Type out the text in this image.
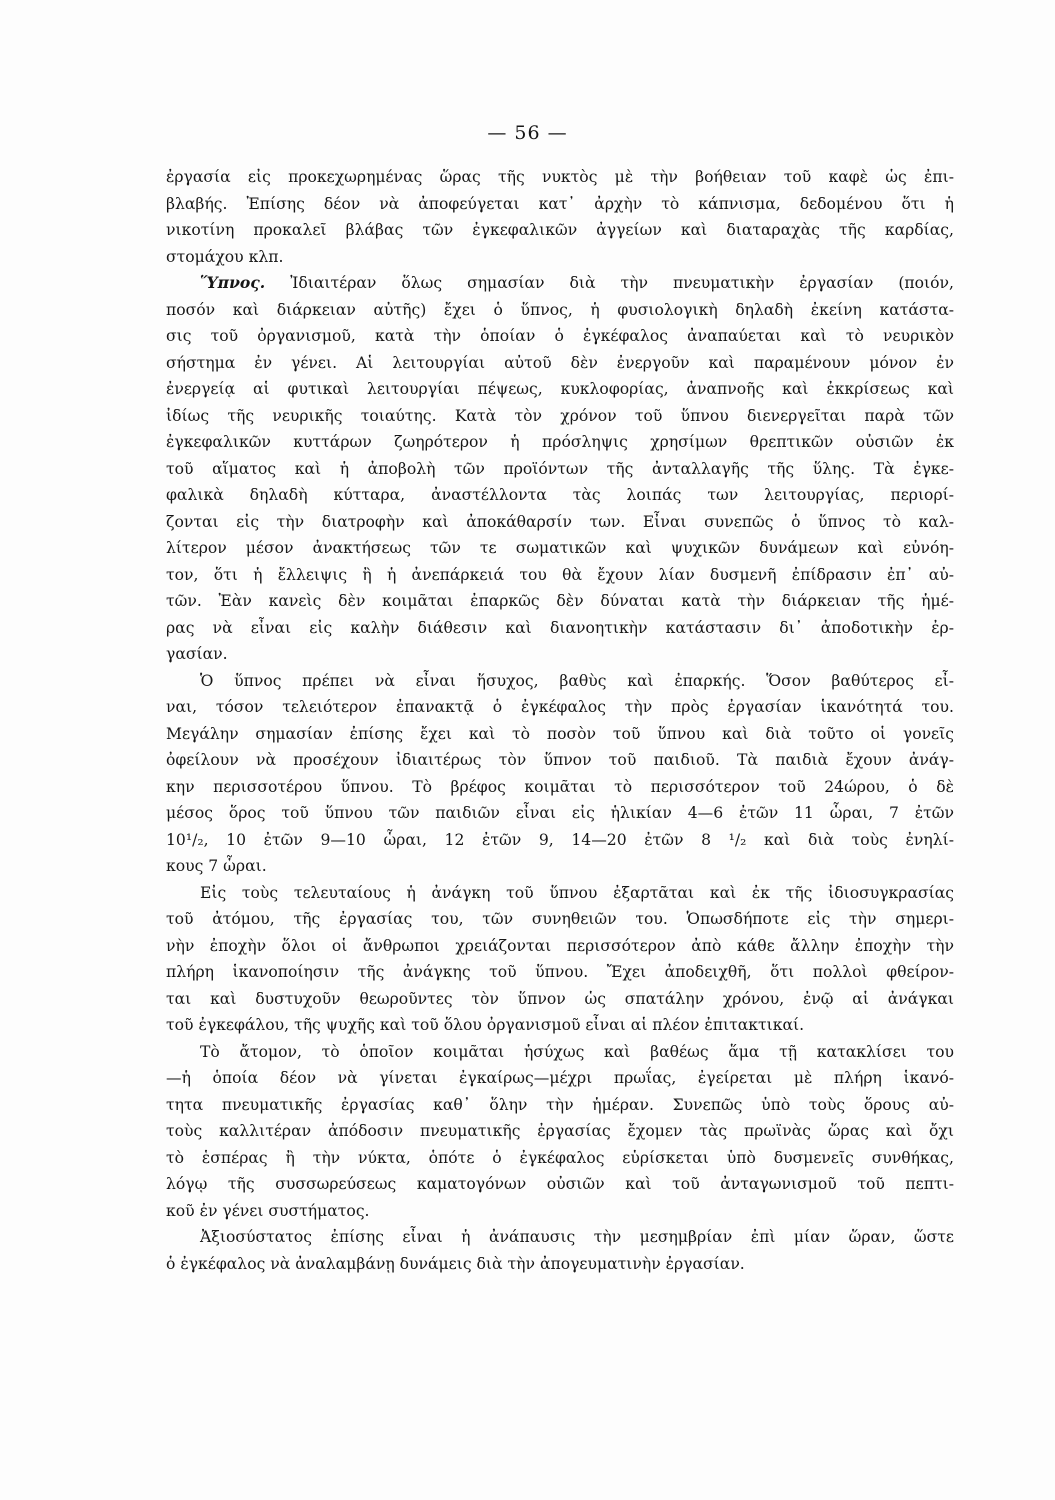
— 56 —
ἐργασία εἰς προκεχωρημένας ὥρας τῆς νυκτὸς μὲ τὴν βοήθειαν τοῦ καφὲ ὡς ἐπι-
βλαβής. Ἐπίσης δέον νὰ ἀποφεύγεται κατ᾽ ἀρχὴν τὸ κάπνισμα, δεδομένου ὅτι ἡ
νικοτίνη προκαλεῖ βλάβας τῶν ἐγκεφαλικῶν ἀγγείων καὶ διαταραχὰς τῆς καρδίας,
στομάχου κλπ.
Ὕπνος. Ἰδιαιτέραν ὅλως σημασίαν διὰ τὴν πνευματικὴν ἐργασίαν (ποιόν,
ποσόν καὶ διάρκειαν αὐτῆς) ἔχει ὁ ὕπνος, ἡ φυσιολογικὴ δηλαδὴ ἐκείνη κατάστα-
σις τοῦ ὀργανισμοῦ, κατὰ τὴν ὁποίαν ὁ ἐγκέφαλος ἀναπαύεται καὶ τὸ νευρικὸν
σήστημα ἐν γένει. Αἱ λειτουργίαι αὐτοῦ δὲν ἐνεργοῦν καὶ παραμένουν μόνον ἐν
ἐνεργείᾳ αἱ φυτικαὶ λειτουργίαι πέψεως, κυκλοφορίας, ἀναπνοῆς καὶ ἐκκρίσεως καὶ
ἰδίως τῆς νευρικῆς τοιαύτης. Κατὰ τὸν χρόνον τοῦ ὕπνου διενεργεῖται παρὰ τῶν
ἐγκεφαλικῶν κυττάρων ζωηρότερον ἡ πρόσληψις χρησίμων θρεπτικῶν οὐσιῶν ἐκ
τοῦ αἵματος καὶ ἡ ἀποβολὴ τῶν προϊόντων τῆς ἀνταλλαγῆς τῆς ὕλης. Τὰ ἐγκε-
φαλικὰ δηλαδὴ κύτταρα, ἀναστέλλοντα τὰς λοιπάς των λειτουργίας, περιορί-
ζονται εἰς τὴν διατροφὴν καὶ ἀποκάθαρσίν των. Εἶναι συνεπῶς ὁ ὕπνος τὸ καλ-
λίτερον μέσον ἀνακτήσεως τῶν τε σωματικῶν καὶ ψυχικῶν δυνάμεων καὶ εὐνόη-
τον, ὅτι ἡ ἔλλειψις ἢ ἡ ἀνεπάρκειά του θὰ ἔχουν λίαν δυσμενῆ ἐπίδρασιν ἐπ᾽ αὐ-
τῶν. Ἐὰν κανεὶς δὲν κοιμᾶται ἐπαρκῶς δὲν δύναται κατὰ τὴν διάρκειαν τῆς ἡμέ-
ρας νὰ εἶναι εἰς καλὴν διάθεσιν καὶ διανοητικὴν κατάστασιν δι᾽ ἀποδοτικὴν ἐρ-
γασίαν.
Ὁ ὕπνος πρέπει νὰ εἶναι ἥσυχος, βαθὺς καὶ ἐπαρκής. Ὅσον βαθύτερος εἶ-
ναι, τόσον τελειότερον ἐπανακτᾷ ὁ ἐγκέφαλος τὴν πρὸς ἐργασίαν ἱκανότητά του.
Μεγάλην σημασίαν ἐπίσης ἔχει καὶ τὸ ποσὸν τοῦ ὕπνου καὶ διὰ τοῦτο οἱ γονεῖς
ὀφείλουν νὰ προσέχουν ἰδιαιτέρως τὸν ὕπνον τοῦ παιδιοῦ. Τὰ παιδιὰ ἔχουν ἀνάγ-
κην περισσοτέρου ὕπνου. Τὸ βρέφος κοιμᾶται τὸ περισσότερον τοῦ 24ώρου, ὁ δὲ
μέσος ὅρος τοῦ ὕπνου τῶν παιδιῶν εἶναι εἰς ἡλικίαν 4—6 ἐτῶν 11 ὧραι, 7 ἐτῶν
10¹/₂, 10 ἐτῶν 9—10 ὧραι, 12 ἐτῶν 9, 14—20 ἐτῶν 8 ¹/₂ καὶ διὰ τοὺς ἐνηλί-
κους 7 ὧραι.
Εἰς τοὺς τελευταίους ἡ ἀνάγκη τοῦ ὕπνου ἐξαρτᾶται καὶ ἐκ τῆς ἰδιοσυγκρασίας
τοῦ ἀτόμου, τῆς ἐργασίας του, τῶν συνηθειῶν του. Ὁπωσδήποτε εἰς τὴν σημερι-
νὴν ἐποχὴν ὅλοι οἱ ἄνθρωποι χρειάζονται περισσότερον ἀπὸ κάθε ἄλλην ἐποχὴν τὴν
πλήρη ἱκανοποίησιν τῆς ἀνάγκης τοῦ ὕπνου. Ἔχει ἀποδειχθῆ, ὅτι πολλοὶ φθείρον-
ται καὶ δυστυχοῦν θεωροῦντες τὸν ὕπνον ὡς σπατάλην χρόνου, ἐνῷ αἱ ἀνάγκαι
τοῦ ἐγκεφάλου, τῆς ψυχῆς καὶ τοῦ ὅλου ὀργανισμοῦ εἶναι αἱ πλέον ἐπιτακτικαί.
Τὸ ἄτομον, τὸ ὁποῖον κοιμᾶται ἡσύχως καὶ βαθέως ἅμα τῇ κατακλίσει του
—ἡ ὁποία δέον νὰ γίνεται ἐγκαίρως—μέχρι πρωΐας, ἐγείρεται μὲ πλήρη ἱκανό-
τητα πνευματικῆς ἐργασίας καθ᾽ ὅλην τὴν ἡμέραν. Συνεπῶς ὑπὸ τοὺς ὅρους αὐ-
τοὺς καλλιτέραν ἀπόδοσιν πνευματικῆς ἐργασίας ἔχομεν τὰς πρωϊνὰς ὥρας καὶ ὄχι
τὸ ἑσπέρας ἢ τὴν νύκτα, ὁπότε ὁ ἐγκέφαλος εὑρίσκεται ὑπὸ δυσμενεῖς συνθήκας,
λόγῳ τῆς συσσωρεύσεως καματογόνων οὐσιῶν καὶ τοῦ ἀνταγωνισμοῦ τοῦ πεπτι-
κοῦ ἐν γένει συστήματος.
Ἀξιοσύστατος ἐπίσης εἶναι ἡ ἀνάπαυσις τὴν μεσημβρίαν ἐπὶ μίαν ὥραν, ὥστε
ὁ ἐγκέφαλος νὰ ἀναλαμβάνῃ δυνάμεις διὰ τὴν ἀπογευματινὴν ἐργασίαν.
